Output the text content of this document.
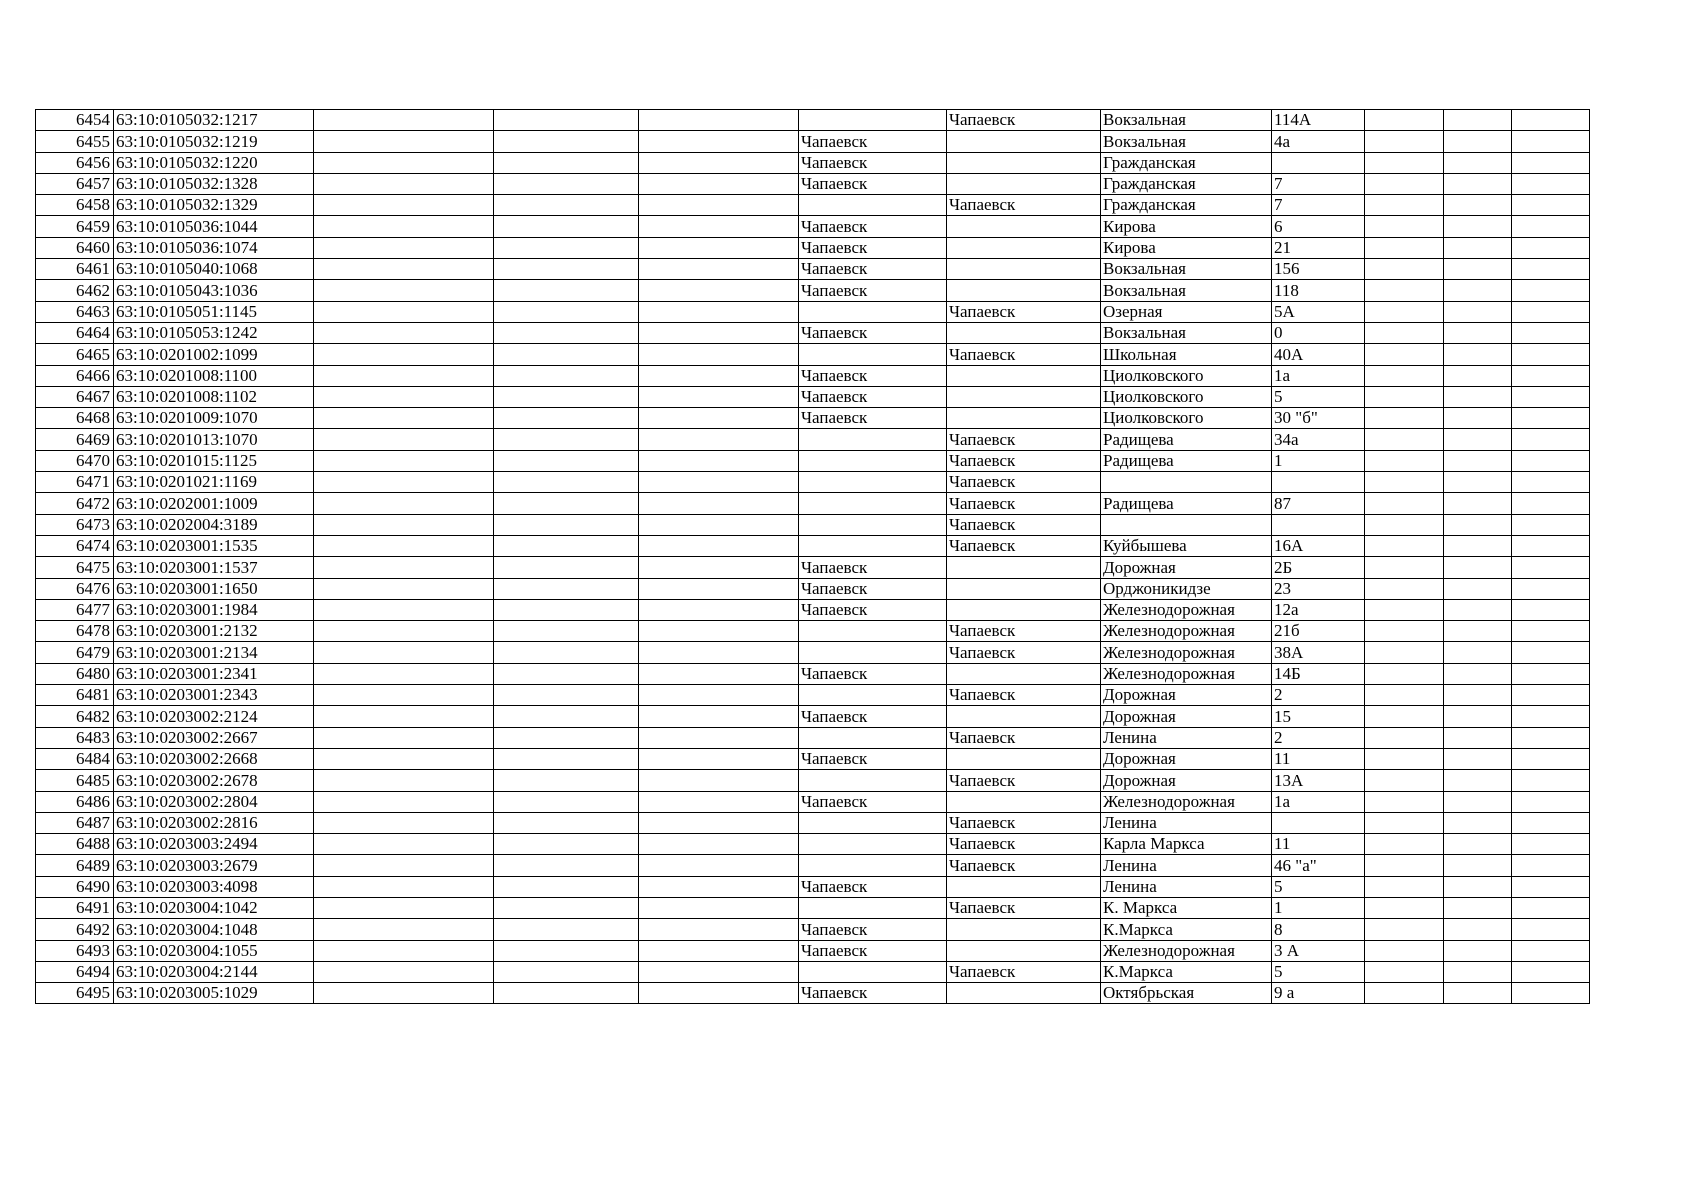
6454	63:10:0105032:1217					Чапаевск	Вокзальная	114А			
6455	63:10:0105032:1219				Чапаевск		Вокзальная	4а			
6456	63:10:0105032:1220				Чапаевск		Гражданская				
6457	63:10:0105032:1328				Чапаевск		Гражданская	7			
6458	63:10:0105032:1329					Чапаевск	Гражданская	7			
6459	63:10:0105036:1044				Чапаевск		Кирова	6			
6460	63:10:0105036:1074				Чапаевск		Кирова	21			
6461	63:10:0105040:1068				Чапаевск		Вокзальная	156			
6462	63:10:0105043:1036				Чапаевск		Вокзальная	118			
6463	63:10:0105051:1145					Чапаевск	Озерная	5А			
6464	63:10:0105053:1242				Чапаевск		Вокзальная	0			
6465	63:10:0201002:1099					Чапаевск	Школьная	40А			
6466	63:10:0201008:1100				Чапаевск		Циолковского	1а			
6467	63:10:0201008:1102				Чапаевск		Циолковского	5			
6468	63:10:0201009:1070				Чапаевск		Циолковского	30 "б"			
6469	63:10:0201013:1070					Чапаевск	Радищева	34а			
6470	63:10:0201015:1125					Чапаевск	Радищева	1			
6471	63:10:0201021:1169					Чапаевск					
6472	63:10:0202001:1009					Чапаевск	Радищева	87			
6473	63:10:0202004:3189					Чапаевск					
6474	63:10:0203001:1535					Чапаевск	Куйбышева	16А			
6475	63:10:0203001:1537				Чапаевск		Дорожная	2Б			
6476	63:10:0203001:1650				Чапаевск		Орджоникидзе	23			
6477	63:10:0203001:1984				Чапаевск		Железнодорожная	12а			
6478	63:10:0203001:2132					Чапаевск	Железнодорожная	21б			
6479	63:10:0203001:2134					Чапаевск	Железнодорожная	38А			
6480	63:10:0203001:2341				Чапаевск		Железнодорожная	14Б			
6481	63:10:0203001:2343					Чапаевск	Дорожная	2			
6482	63:10:0203002:2124				Чапаевск		Дорожная	15			
6483	63:10:0203002:2667					Чапаевск	Ленина	2			
6484	63:10:0203002:2668				Чапаевск		Дорожная	11			
6485	63:10:0203002:2678					Чапаевск	Дорожная	13А			
6486	63:10:0203002:2804				Чапаевск		Железнодорожная	1а			
6487	63:10:0203002:2816					Чапаевск	Ленина				
6488	63:10:0203003:2494					Чапаевск	Карла Маркса	11			
6489	63:10:0203003:2679					Чапаевск	Ленина	46 "а"			
6490	63:10:0203003:4098				Чапаевск		Ленина	5			
6491	63:10:0203004:1042					Чапаевск	К. Маркса	1			
6492	63:10:0203004:1048				Чапаевск		К.Маркса	8			
6493	63:10:0203004:1055				Чапаевск		Железнодорожная	3 А			
6494	63:10:0203004:2144					Чапаевск	К.Маркса	5			
6495	63:10:0203005:1029				Чапаевск		Октябрьская	9 а			
